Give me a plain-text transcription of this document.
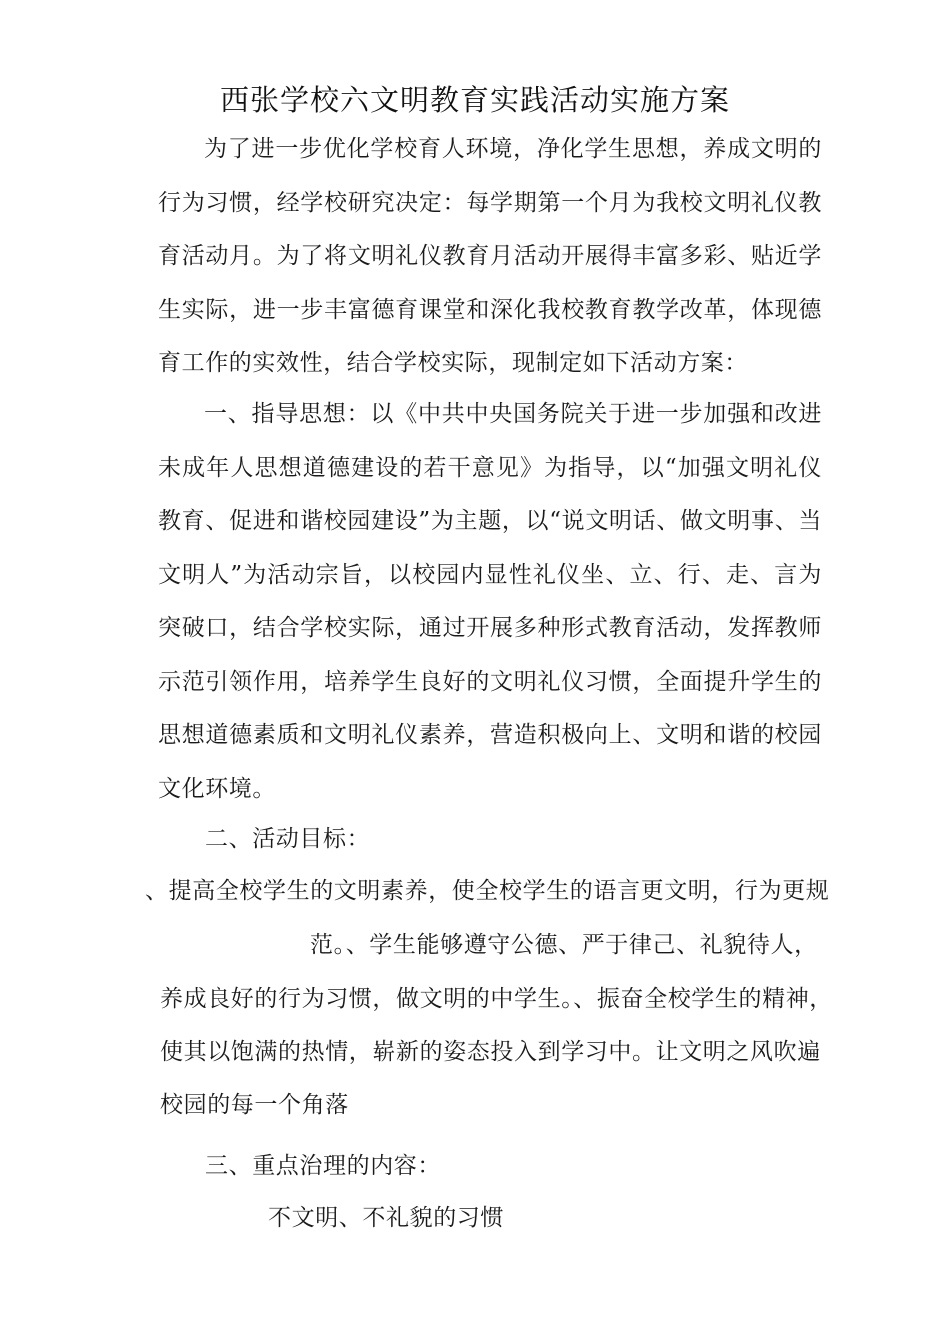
西张学校六文明教育实践活动实施方案

为了进一步优化学校育人环境，净化学生思想，养成文明的行为习惯，经学校研究决定：每学期第一个月为我校文明礼仪教育活动月。为了将文明礼仪教育月活动开展得丰富多彩、贴近学生实际，进一步丰富德育课堂和深化我校教育教学改革，体现德育工作的实效性，结合学校实际，现制定如下活动方案：

一、指导思想：以《中共中央国务院关于进一步加强和改进未成年人思想道德建设的若干意见》为指导，以“加强文明礼仪教育、促进和谐校园建设”为主题，以“说文明话、做文明事、当文明人”为活动宗旨，以校园内显性礼仪坐、立、行、走、言为突破口，结合学校实际，通过开展多种形式教育活动，发挥教师示范引领作用，培养学生良好的文明礼仪习惯，全面提升学生的思想道德素质和文明礼仪素养，营造积极向上、文明和谐的校园文化环境。

二、活动目标：

、提高全校学生的文明素养，使全校学生的语言更文明，行为更规

范。、学生能够遵守公德、严于律己、礼貌待人，

养成良好的行为习惯，做文明的中学生。、振奋全校学生的精神，

使其以饱满的热情，崭新的姿态投入到学习中。让文明之风吹遍

校园的每一个角落

三、重点治理的内容：

不文明、不礼貌的习惯
